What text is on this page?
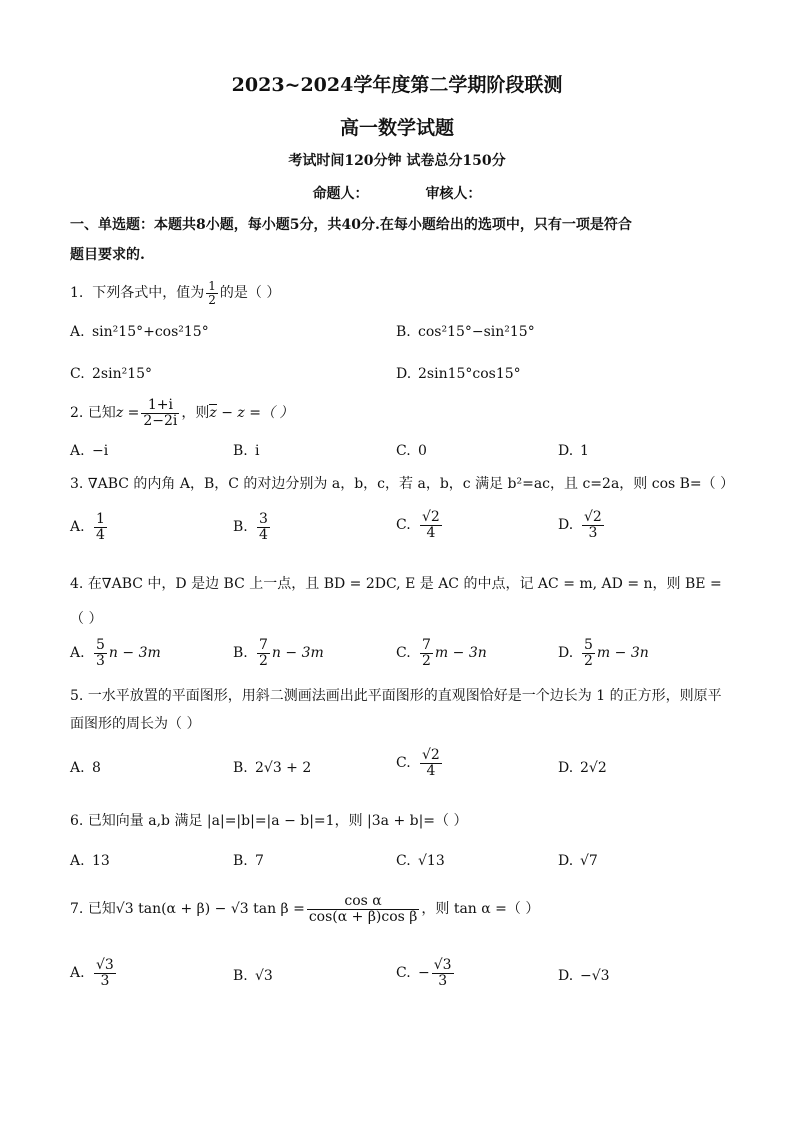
2023~2024学年度第二学期阶段联测
高一数学试题
考试时间120分钟 试卷总分150分
命题人：	审核人：
一、单选题：本题共8小题，每小题5分，共40分.在每小题给出的选项中，只有一项是符合
题目要求的.
1. 下列各式中，值为 $\frac{1}{2}$ 的是（ ）
A. sin²15°+cos²15°	B. cos²15°−sin²15°
C. 2sin²15°	D. 2sin15°cos15°
2. 已知$z = \frac{1+i}{2-2i}$ ，则z − z =（ ）
A. −i	B. i	C. 0	D. 1
3. ∇ABC 的内角 A，B，C 的对边分别为 a，b，c，若 a，b，c 满足 b²=ac，且 c=2a，则 cos B=（ ）
A. $\frac{1}{4}$	B. $\frac{3}{4}$	C. $\frac{√2}{4}$	D. $\frac{√2}{3}$
4. 在∇ABC 中，D 是边 BC 上一点，且 BD = 2DC, E 是 AC 的中点，记 AC = m, AD = n，则 BE =
（ ）
A. $\frac{5}{3}$ n − 3m	B. $\frac{7}{2}$ n − 3m	C. $\frac{7}{2}$ m − 3n	D. $\frac{5}{2}$ m − 3n
5. 一水平放置的平面图形，用斜二测画法画出此平面图形的直观图恰好是一个边长为 1 的正方形，则原平
面图形的周长为（ ）
A. 8	B. 2√3 + 2	C. $\frac{√2}{4}$	D. 2√2
6. 已知向量 a,b 满足 |a|=|b|=|a − b|=1，则 |3a + b|=（ ）
A. 13	B. 7	C. √13	D. √7
7. 已知√3 tan(α + β) − √3 $\tan \beta = \frac{\text{cos α}}{\text{cos(α + β)cos β}}$ ，则 tan α =（ ）
A. $\frac{√3}{3}$	B. √3	C. − $\frac{√3}{3}$	D. −√3
